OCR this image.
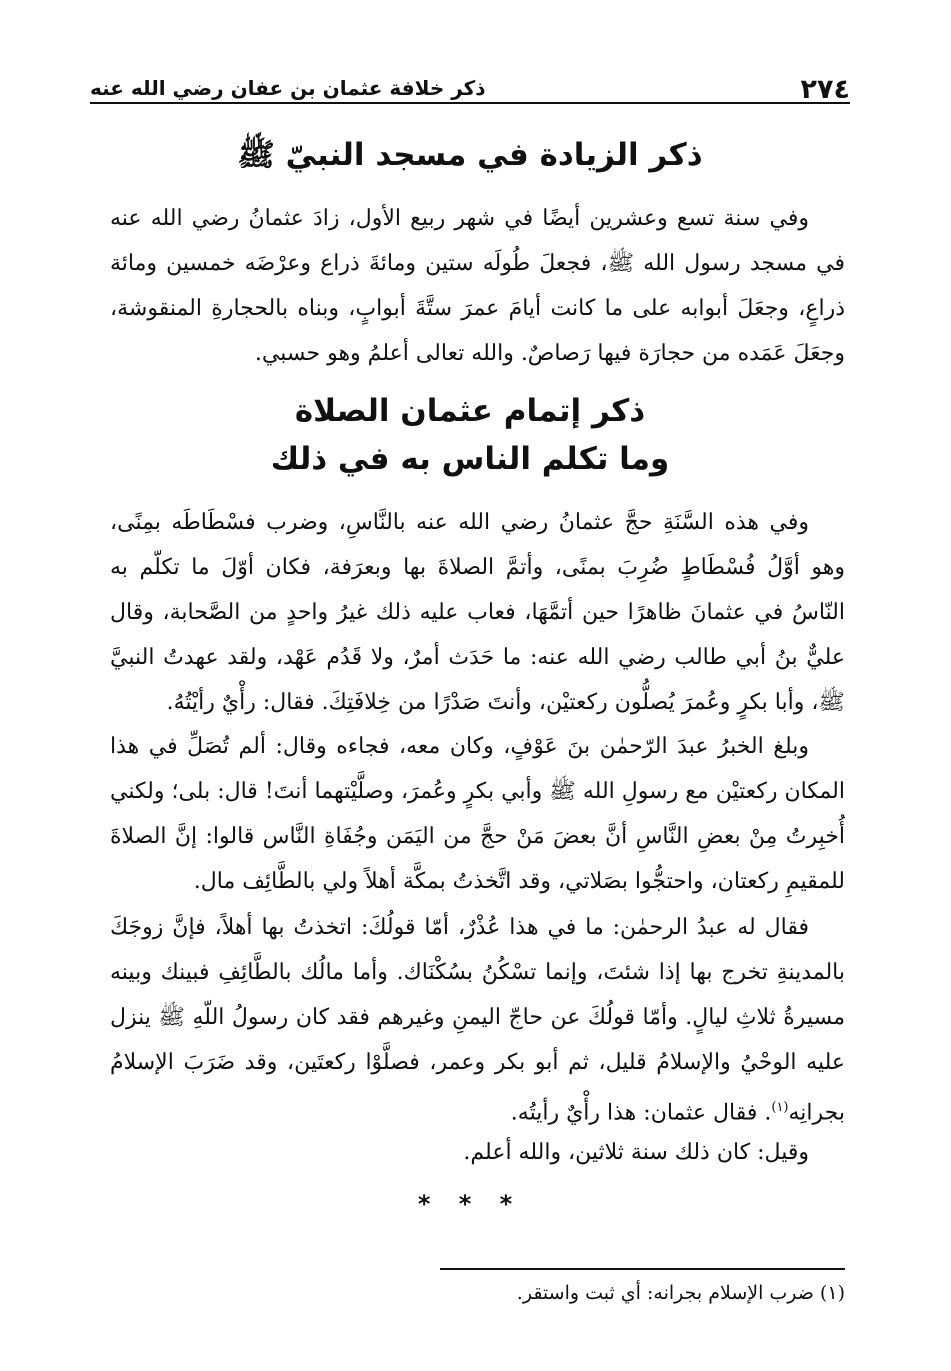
٢٧٤
ذكر خلافة عثمان بن عفان رضي الله عنه
ذكر الزيادة في مسجد النبيّ ﷺ

وفي سنة تسع وعشرين أيضًا في شهر ربيع الأول، زادَ عثمانُ رضي الله عنه في مسجد رسول الله ﷺ، فجعلَ طُولَه ستين ومائةَ ذراع وعرْضَه خمسين ومائة ذراعٍ، وجعَلَ أبوابه على ما كانت أيامَ عمرَ ستَّةَ أبوابٍ، وبناه بالحجارةِ المنقوشة، وجعَلَ عَمَده من حجارَة فيها رَصاصٌ. والله تعالى أعلمُ وهو حسبي.

ذكر إتمام عثمان الصلاة
وما تكلم الناس به في ذلك

وفي هذه السَّنَةِ حجَّ عثمانُ رضي الله عنه بالنَّاسِ، وضرب فسْطَاطَه بمِنًى، وهو أوَّلُ فُسْطَاطٍ ضُرِبَ بمنًى، وأتمَّ الصلاةَ بها وبعرَفة، فكان أوّلَ ما تكلّم به النّاسُ في عثمانَ ظاهرًا حين أتمَّهَا، فعاب عليه ذلك غيرُ واحدٍ من الصَّحابة، وقال عليٌّ بنُ أبي طالب رضي الله عنه: ما حَدَث أمرٌ، ولا قَدُم عَهْد، ولقد عهدتُ النبيَّ ﷺ، وأبا بكرٍ وعُمرَ يُصلُّون ركعتيْن، وأنتَ صَدْرًا من خِلافَتِكَ. فقال: رأْيٌ رأيْتُهُ.

وبلغ الخبرُ عبدَ الرّحمٰن بنَ عَوْفٍ، وكان معه، فجاءه وقال: ألم تُصَلِّ في هذا المكان ركعتيْن مع رسولِ الله ﷺ وأبي بكرٍ وعُمرَ، وصلَّيْتهما أنتَ! قال: بلى؛ ولكني أُخبِرتُ مِنْ بعضِ النَّاسِ أنَّ بعضَ مَنْ حجَّ من اليَمَن وجُفَاةِ النَّاس قالوا: إنَّ الصلاةَ للمقيمِ ركعتان، واحتجُّوا بصَلاتي، وقد اتَّخذتُ بمكَّة أهلاً ولي بالطَّائِف مال.

فقال له عبدُ الرحمٰن: ما في هذا عُذْرٌ، أمّا قولُكَ: اتخذتُ بها أهلاً، فإنَّ زوجَكَ بالمدينةِ تخرج بها إذا شئتَ، وإنما تسْكُنُ بسُكْنَاك. وأما مالُك بالطَّائِفِ فبينك وبينه مسيرةُ ثلاثِ ليالٍ. وأمّا قولُكَ عن حاجّ اليمنِ وغيرهم فقد كان رسولُ اللّهِ ﷺ ينزل عليه الوحْيُ والإسلامُ قليل، ثم أبو بكر وعمر، فصلَّوْا ركعتَين، وقد ضَرَبَ الإسلامُ بجرانِه$^{(١)}$. فقال عثمان: هذا رأْيٌ رأيتُه.

وقيل: كان ذلك سنة ثلاثين، والله أعلم.

* * *
(١) ضرب الإسلام بجرانه: أي ثبت واستقر.
